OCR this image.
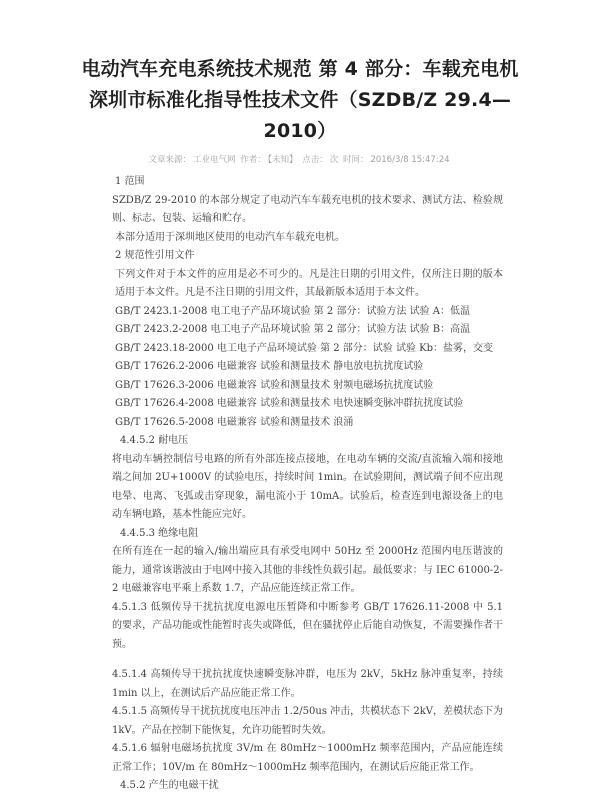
电动汽车充电系统技术规范 第 4 部分：车载充电机 深圳市标准化指导性技术文件（SZDB/Z 29.4—2010）
文章来源： 工业电气网 作者： 【未知】 点击： 次 时间： 2016/3/8 15:47:24

1 范围

SZDB/Z 29-2010 的本部分规定了电动汽车车载充电机的技术要求、测试方法、检验规则、标志、包装、运输和贮存。

本部分适用于深圳地区使用的电动汽车车载充电机。

2 规范性引用文件

下列文件对于本文件的应用是必不可少的。凡是注日期的引用文件，仅所注日期的版本适用于本文件。凡是不注日期的引用文件，其最新版本适用于本文件。

GB/T 2423.1-2008 电工电子产品环境试验 第 2 部分：试验方法 试验 A：低温

GB/T 2423.2-2008 电工电子产品环境试验 第 2 部分：试验方法 试验 B：高温

GB/T 2423.18-2000 电工电子产品环境试验 第 2 部分：试验 试验 Kb：盐雾，交变

GB/T 17626.2-2006 电磁兼容 试验和测量技术 静电放电抗扰度试验

GB/T 17626.3-2006 电磁兼容 试验和测量技术 射频电磁场抗扰度试验

GB/T 17626.4-2008 电磁兼容 试验和测量技术 电快速瞬变脉冲群抗扰度试验

GB/T 17626.5-2008 电磁兼容 试验和测量技术 浪涌

4.4.5.2 耐电压

将电动车辆控制信号电路的所有外部连接点接地，在电动车辆的交流/直流输入端和接地端之间加 2U+1000V 的试验电压，持续时间 1min。在试验期间，测试端子间不应出现电晕、电离、飞弧或击穿现象，漏电流小于 10mA。试验后，检查连到电源设备上的电动车辆电路，基本性能应完好。

4.4.5.3 绝缘电阻

在所有连在一起的输入/输出端应具有承受电网中 50Hz 至 2000Hz 范围内电压谐波的能力，通常该谐波由于电网中接入其他的非线性负载引起。最低要求：与 IEC 61000-2-2 电磁兼容电平乘上系数 1.7，产品应能连续正常工作。

4.5.1.3 低频传导干扰抗扰度电源电压暂降和中断参考 GB/T 17626.11-2008 中 5.1 的要求，产品功能或性能暂时丧失或降低，但在骚扰停止后能自动恢复，不需要操作者干预。

4.5.1.4 高频传导干扰抗扰度快速瞬变脉冲群，电压为 2kV，5kHz 脉冲重复率，持续 1min 以上，在测试后产品应能正常工作。

4.5.1.5 高频传导干扰抗扰度电压冲击 1.2/50us 冲击，共模状态下 2kV，差模状态下为 1kV。产品在控制下能恢复，允许功能暂时失效。

4.5.1.6 辐射电磁场抗扰度 3V/m 在 80mHz～1000mHz 频率范围内，产品应能连续正常工作；10V/m 在 80mHz～1000mHz 频率范围内，在测试后应能正常工作。

4.5.2 产生的电磁干扰
